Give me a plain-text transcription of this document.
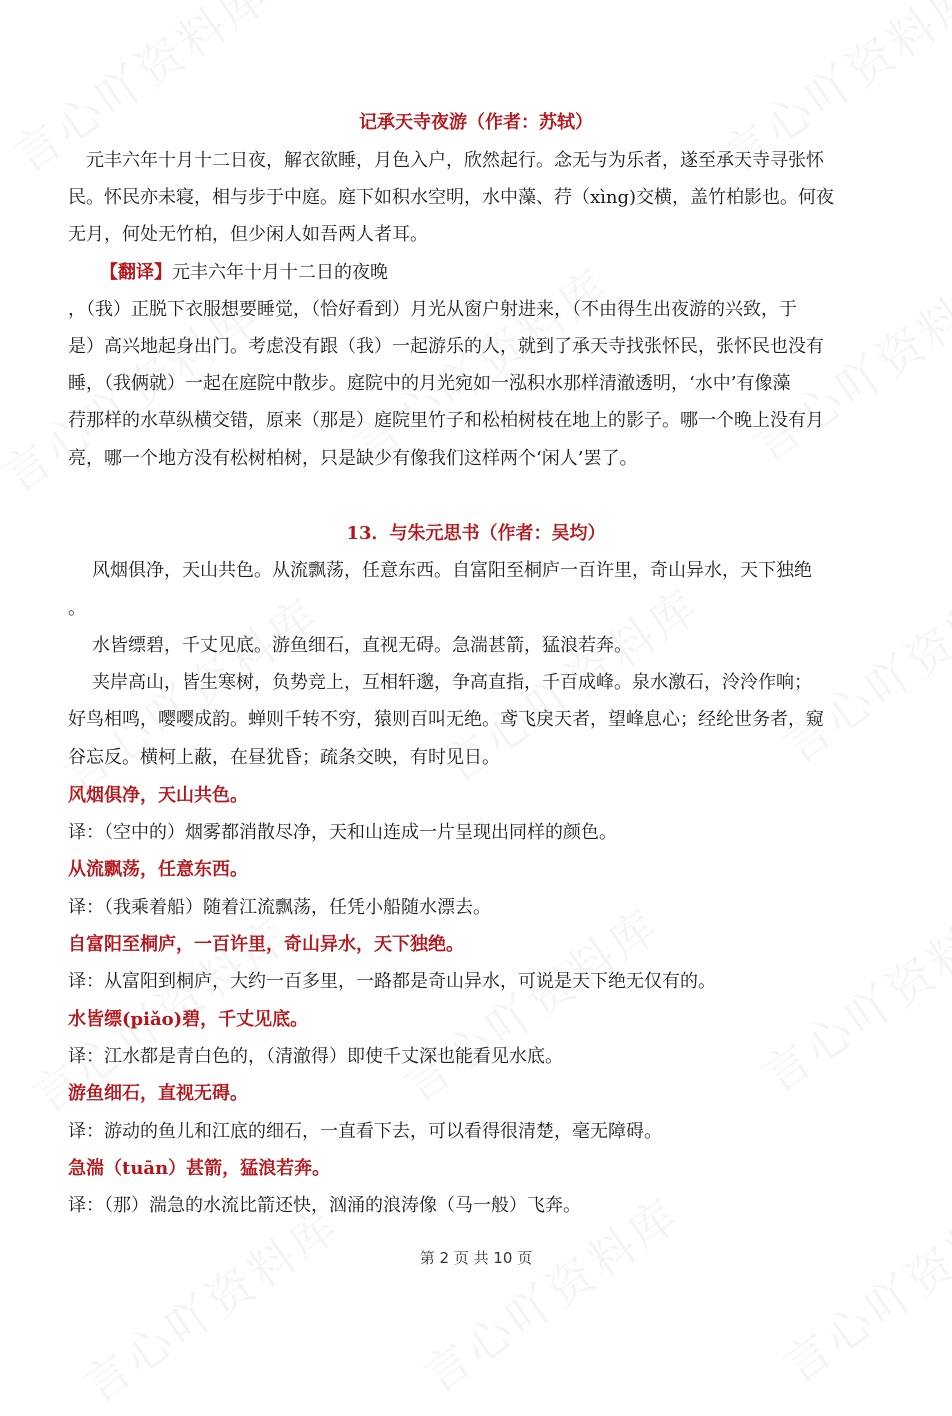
记承天寺夜游（作者：苏轼）
　元丰六年十月十二日夜，解衣欲睡，月色入户，欣然起行。念无与为乐者，遂至承天寺寻张怀
民。怀民亦未寝，相与步于中庭。庭下如积水空明，水中藻、荇（xìng)交横，盖竹柏影也。何夜
无月，何处无竹柏，但少闲人如吾两人者耳。
【翻译】元丰六年十月十二日的夜晚
，（我）正脱下衣服想要睡觉，（恰好看到）月光从窗户射进来，（不由得生出夜游的兴致，于
是）高兴地起身出门。考虑没有跟（我）一起游乐的人，就到了承天寺找张怀民，张怀民也没有
睡，（我俩就）一起在庭院中散步。庭院中的月光宛如一泓积水那样清澈透明，‘水中’有像藻
荇那样的水草纵横交错，原来（那是）庭院里竹子和松柏树枝在地上的影子。哪一个晚上没有月
亮，哪一个地方没有松树柏树，只是缺少有像我们这样两个‘闲人’罢了。
13．与朱元思书（作者：吴均）
　风烟俱净，天山共色。从流飘荡，任意东西。自富阳至桐庐一百许里，奇山异水，天下独绝
。
　水皆缥碧，千丈见底。游鱼细石，直视无碍。急湍甚箭，猛浪若奔。
　夹岸高山，皆生寒树，负势竞上，互相轩邈，争高直指，千百成峰。泉水激石，泠泠作响；
好鸟相鸣，嘤嘤成韵。蝉则千转不穷，猿则百叫无绝。鸢飞戾天者，望峰息心；经纶世务者，窥
谷忘反。横柯上蔽，在昼犹昏；疏条交映，有时见日。
风烟俱净，天山共色。
译：（空中的）烟雾都消散尽净，天和山连成一片呈现出同样的颜色。
从流飘荡，任意东西。
译：（我乘着船）随着江流飘荡，任凭小船随水漂去。
自富阳至桐庐，一百许里，奇山异水，天下独绝。
译：从富阳到桐庐，大约一百多里，一路都是奇山异水，可说是天下绝无仅有的。
水皆缥(piǎo)碧，千丈见底。
译：江水都是青白色的，（清澈得）即使千丈深也能看见水底。
游鱼细石，直视无碍。
译：游动的鱼儿和江底的细石，一直看下去，可以看得很清楚，毫无障碍。
急湍（tuān）甚箭，猛浪若奔。
译：（那）湍急的水流比箭还快，汹涌的浪涛像（马一般）飞奔。
第 2 页 共 10 页
